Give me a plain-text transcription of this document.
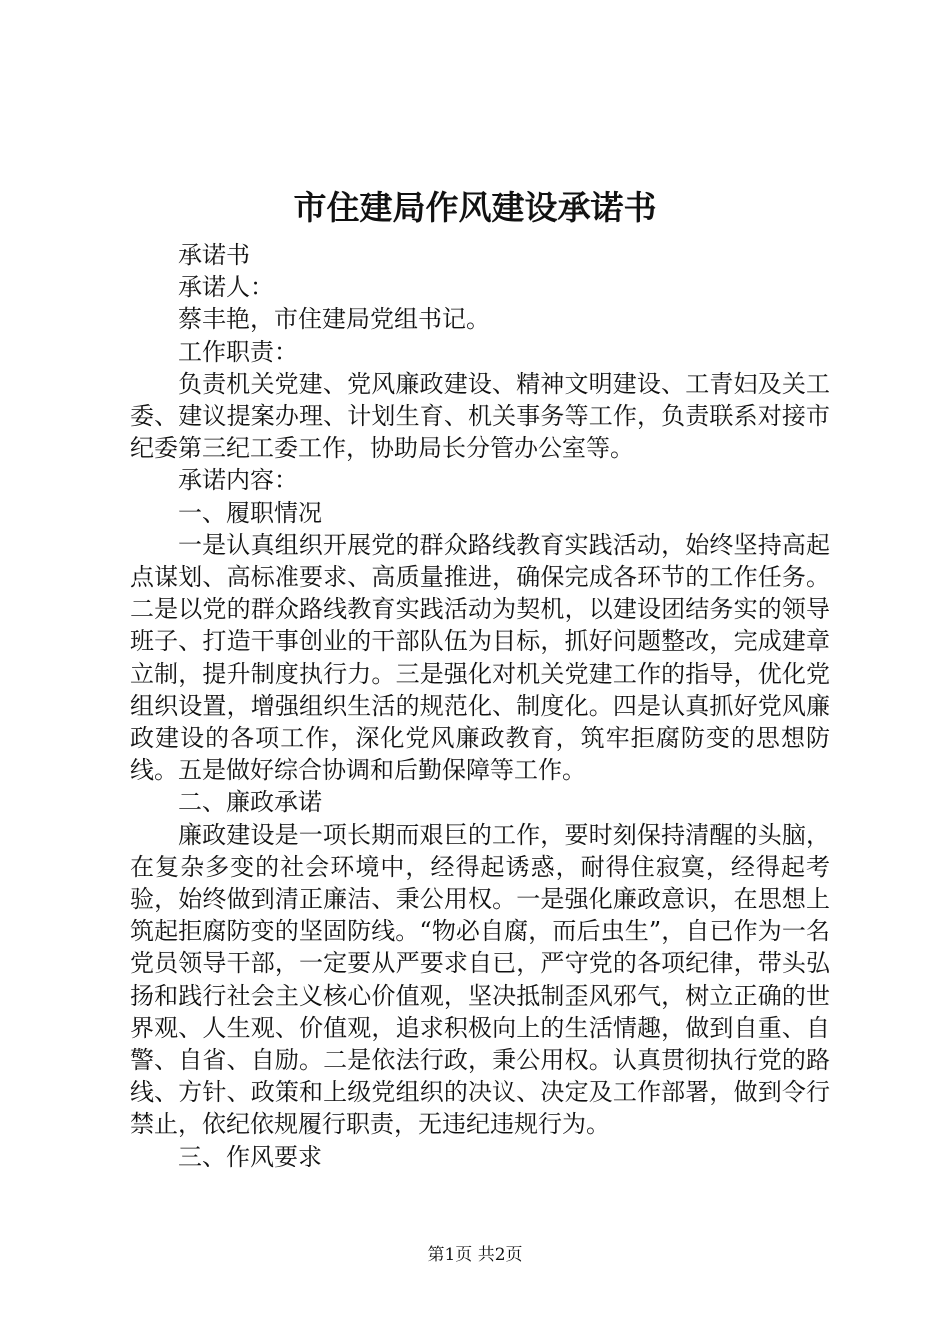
市住建局作风建设承诺书

承诺书

承诺人：

蔡丰艳，市住建局党组书记。

工作职责：

负责机关党建、党风廉政建设、精神文明建设、工青妇及关工委、建议提案办理、计划生育、机关事务等工作，负责联系对接市纪委第三纪工委工作，协助局长分管办公室等。

承诺内容：

一、履职情况

一是认真组织开展党的群众路线教育实践活动，始终坚持高起点谋划、高标准要求、高质量推进，确保完成各环节的工作任务。二是以党的群众路线教育实践活动为契机，以建设团结务实的领导班子、打造干事创业的干部队伍为目标，抓好问题整改，完成建章立制，提升制度执行力。三是强化对机关党建工作的指导，优化党组织设置，增强组织生活的规范化、制度化。四是认真抓好党风廉政建设的各项工作，深化党风廉政教育，筑牢拒腐防变的思想防线。五是做好综合协调和后勤保障等工作。

二、廉政承诺

廉政建设是一项长期而艰巨的工作，要时刻保持清醒的头脑，在复杂多变的社会环境中，经得起诱惑，耐得住寂寞，经得起考验，始终做到清正廉洁、秉公用权。一是强化廉政意识，在思想上筑起拒腐防变的坚固防线。“物必自腐，而后虫生”，自已作为一名党员领导干部，一定要从严要求自已，严守党的各项纪律，带头弘扬和践行社会主义核心价值观，坚决抵制歪风邪气，树立正确的世界观、人生观、价值观，追求积极向上的生活情趣，做到自重、自警、自省、自励。二是依法行政，秉公用权。认真贯彻执行党的路线、方针、政策和上级党组织的决议、决定及工作部署，做到令行禁止，依纪依规履行职责，无违纪违规行为。

三、作风要求

第1页 共2页
